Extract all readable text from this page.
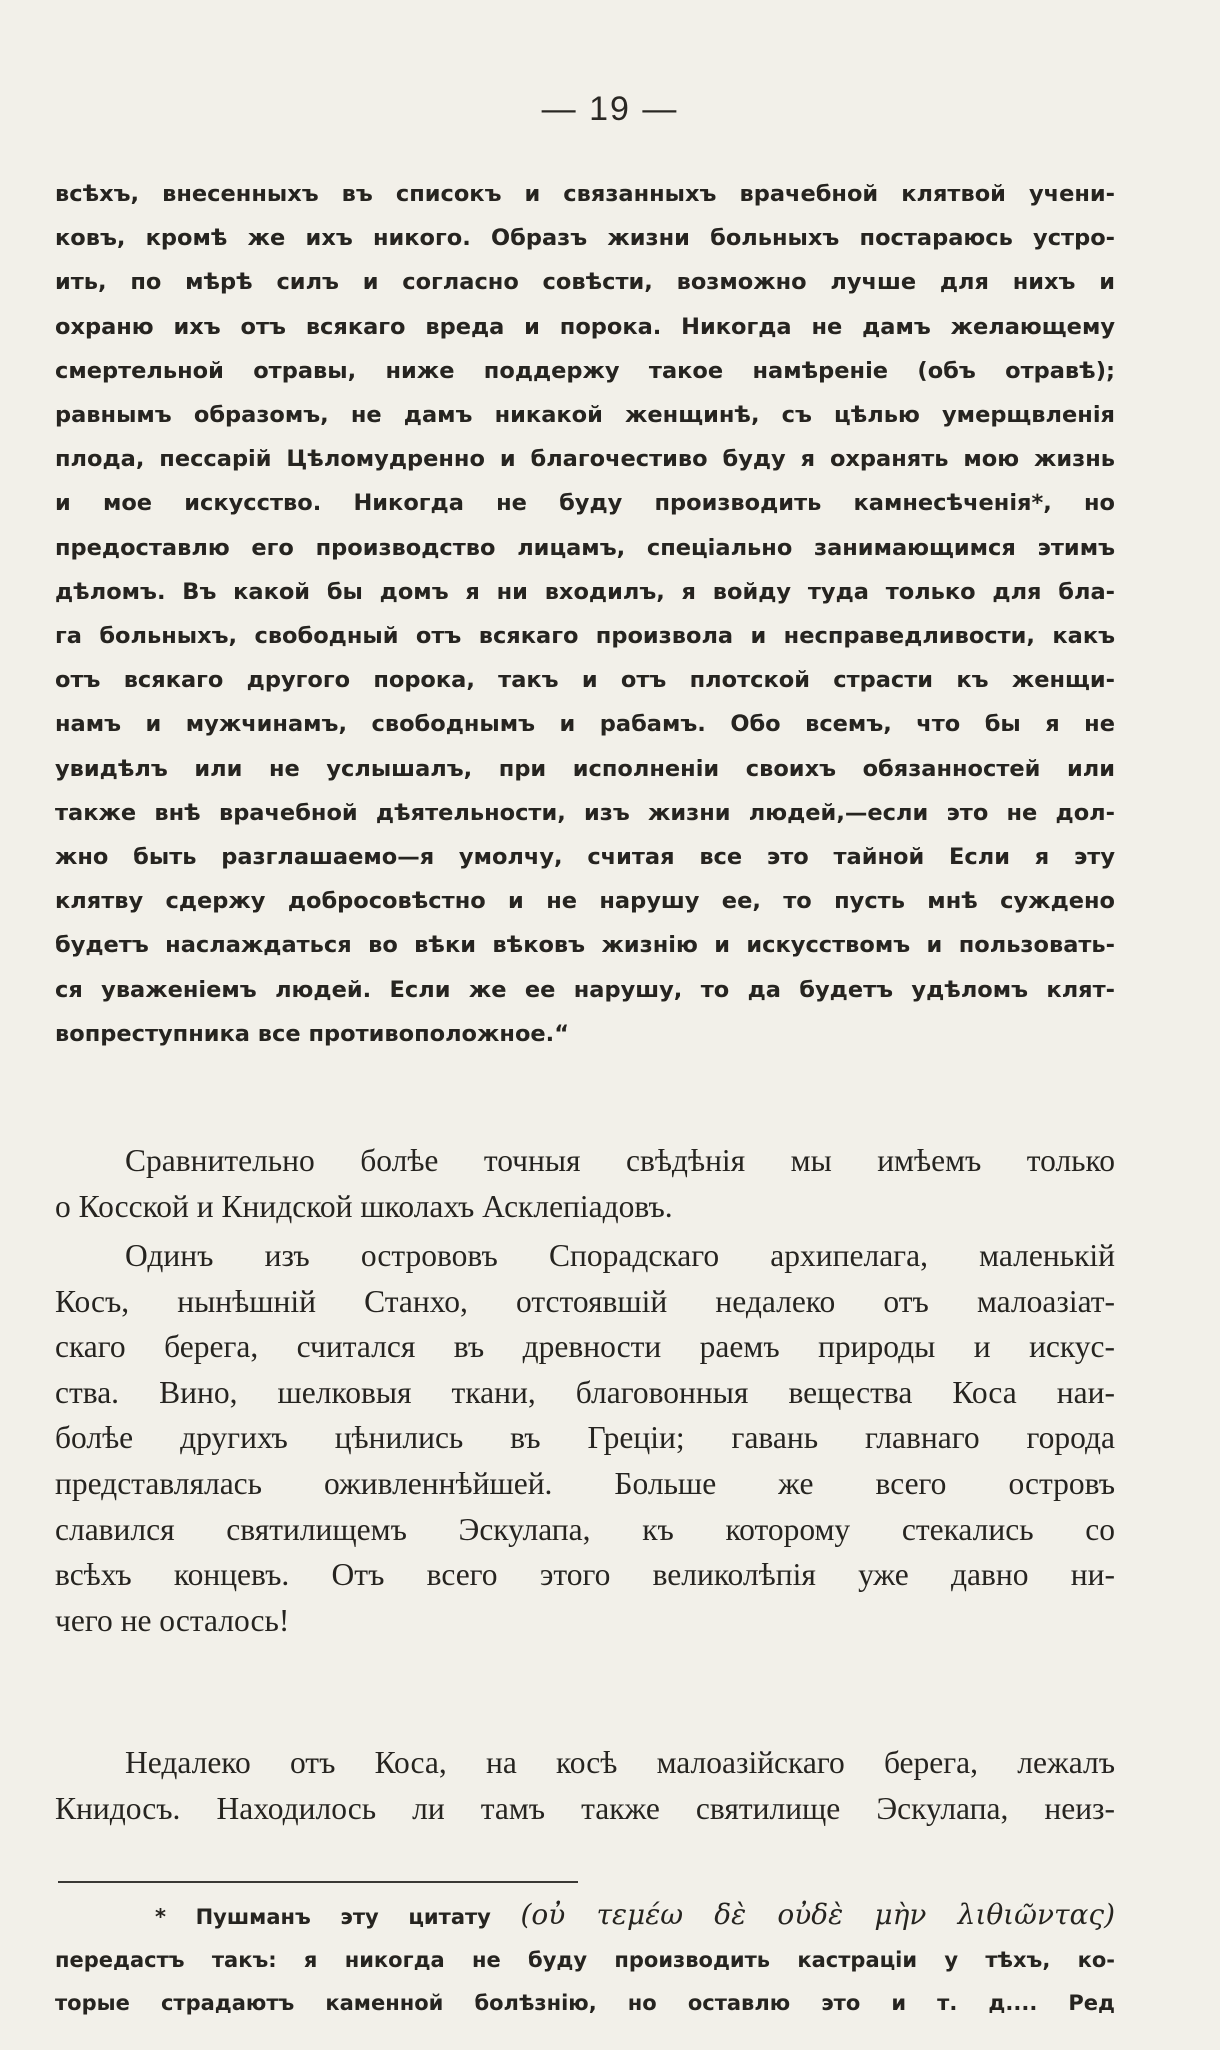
— 19 —
всѣхъ, внесенныхъ въ списокъ и связанныхъ врачебной клятвой учени-
ковъ, кромѣ же ихъ никого. Образъ жизни больныхъ постараюсь устро-
ить, по мѣрѣ силъ и согласно совѣсти, возможно лучше для нихъ и
охраню ихъ отъ всякаго вреда и порока. Никогда не дамъ желающему
смертельной отравы, ниже поддержу такое намѣреніе (объ отравѣ);
равнымъ образомъ, не дамъ никакой женщинѣ, съ цѣлью умерщвленія
плода, пессарій Цѣломудренно и благочестиво буду я охранять мою жизнь
и мое искусство. Никогда не буду производить камнесѣченія*, но
предоставлю его производство лицамъ, спеціально занимающимся этимъ
дѣломъ. Въ какой бы домъ я ни входилъ, я войду туда только для бла-
га больныхъ, свободный отъ всякаго произвола и несправедливости, какъ
отъ всякаго другого порока, такъ и отъ плотской страсти къ женщи-
намъ и мужчинамъ, свободнымъ и рабамъ. Обо всемъ, что бы я не
увидѣлъ или не услышалъ, при исполненіи своихъ обязанностей или
также внѣ врачебной дѣятельности, изъ жизни людей,—если это не дол-
жно быть разглашаемо—я умолчу, считая все это тайной Если я эту
клятву сдержу добросовѣстно и не нарушу ее, то пусть мнѣ суждено
будетъ наслаждаться во вѣки вѣковъ жизнію и искусствомъ и пользовать-
ся уваженіемъ людей. Если же ее нарушу, то да будетъ удѣломъ клят-
вопреступника все противоположное.“
Сравнительно болѣе точныя свѣдѣнія мы имѣемъ только
о Косской и Книдской школахъ Асклепіадовъ.
Одинъ изъ острововъ Спорадскаго архипелага, маленькій
Косъ, нынѣшній Станхо, отстоявшій недалеко отъ малоазіат-
скаго берега, считался въ древности раемъ природы и искус-
ства. Вино, шелковыя ткани, благовонныя вещества Коса наи-
болѣе другихъ цѣнились въ Греціи; гавань главнаго города
представлялась оживленнѣйшей. Больше же всего островъ
славился святилищемъ Эскулапа, къ которому стекались со
всѣхъ концевъ. Отъ всего этого великолѣпія уже давно ни-
чего не осталось!
Недалеко отъ Коса, на косѣ малоазійскаго берега, лежалъ
Книдосъ. Находилось ли тамъ также святилище Эскулапа, неиз-
* Пушманъ эту цитату (οὐ τεμέω δὲ οὐδὲ μὴν λιθιῶντας)
передастъ такъ: я никогда не буду производить кастраціи у тѣхъ, ко-
торые страдаютъ каменной болѣзнію, но оставлю это и т. д.... Ред
